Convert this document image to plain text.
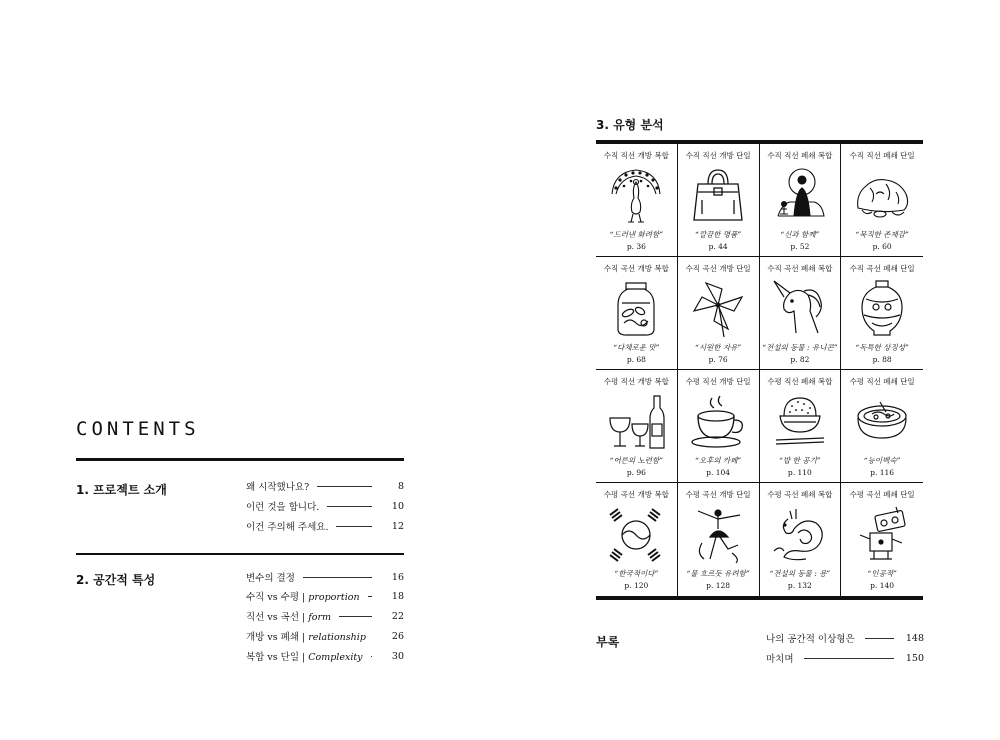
CONTENTS
1. 프로젝트 소개	왜 시작했나요?	8
이런 것을 합니다.	10
이건 주의해 주세요.	12
2. 공간적 특성	변수의 결정	16
수직 vs 수평 | proportion	18
직선 vs 곡선 | form	22
개방 vs 폐쇄 | relationship	26
복합 vs 단일 | Complexity	30
3. 유형 분석
수직 직선 개방 복합
“드러낸 화려함”
p. 36
수직 직선 개방 단일
“깔끔한 명품”
p. 44
수직 직선 폐쇄 복합
“신과 함께”
p. 52
수직 직선 폐쇄 단일
“묵직한 존재감”
p. 60
수직 곡선 개방 복합
“다채로운 맛”
p. 68
수직 곡선 개방 단일
“시원한 자유”
p. 76
수직 곡선 폐쇄 복합
“전설의 동물 : 유니콘”
p. 82
수직 곡선 폐쇄 단일
“독특한 상징성”
p. 88
수평 직선 개방 복합
“어른의 노련함”
p. 96
수평 직선 개방 단일
“오후의 카페”
p. 104
수평 직선 폐쇄 복합
“밥 한 공기”
p. 110
수평 직선 폐쇄 단일
“능이백숙”
p. 116
수평 곡선 개방 복합
“한국적이다”
p. 120
수평 곡선 개방 단일
“물 흐르듯 유려함”
p. 128
수평 곡선 폐쇄 복합
“전설의 동물 : 용”
p. 132
수평 곡선 폐쇄 단일
“인공적”
p. 140
부록	나의 공간적 이상형은	148
마치며	150
